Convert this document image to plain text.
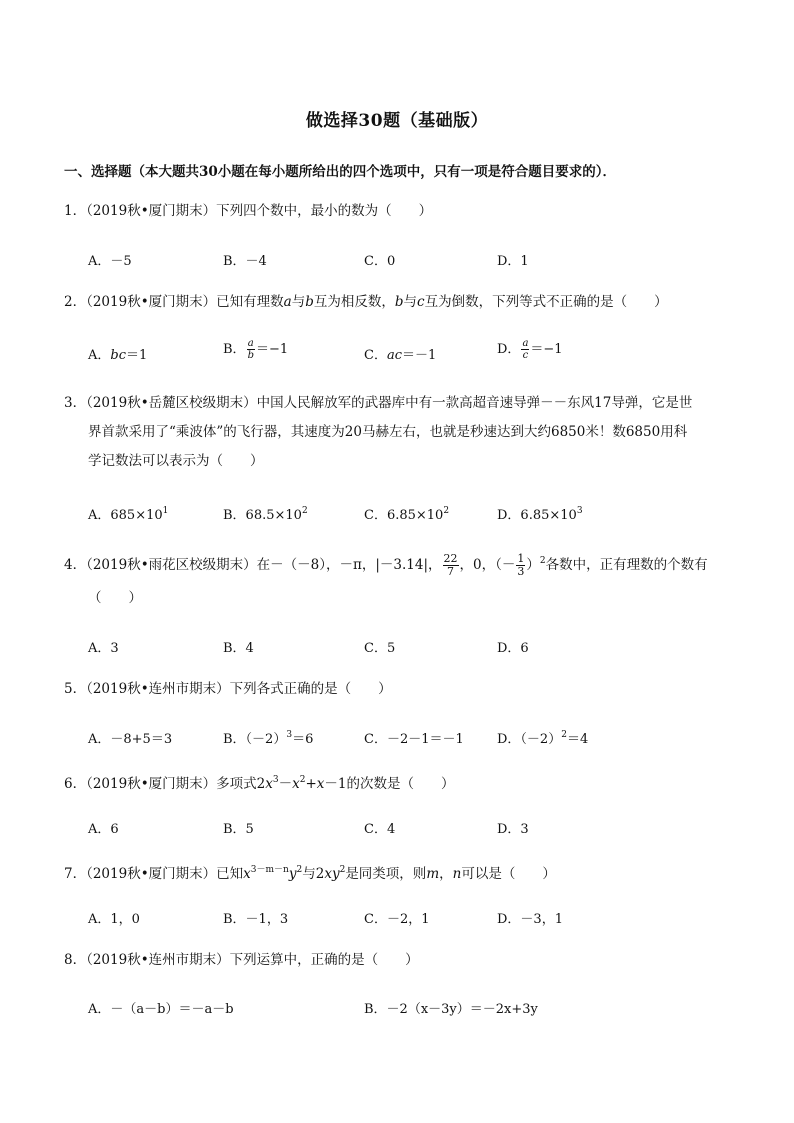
做选择30题（基础版）
一、选择题（本大题共30小题在每小题所给出的四个选项中，只有一项是符合题目要求的）．
1．（2019秋•厦门期末）下列四个数中，最小的数为（　　）
A．－5	B．－4	C．0	D．1
2．（2019秋•厦门期末）已知有理数a与b互为相反数，b与c互为倒数，下列等式不正确的是（　　）
A．bc＝1	B． $\frac{a}{b} =-1$	C．ac＝－1	D． $\frac{a}{c} =-1$
3．（2019秋•岳麓区校级期末）中国人民解放军的武器库中有一款高超音速导弹－－东风17导弹，它是世
界首款采用了“乘波体”的飞行器，其速度为20马赫左右，也就是秒速达到大约6850米！数6850用科
学记数法可以表示为（　　）
A．$685\times 10^1$	B．$68.5\times 10^2$	C．$6.85\times 10^2$	D．$6.85\times 10^3$
4．（2019秋•雨花区校级期末）在－（－8），－π，|－3.14|， $\frac{22}{7}$ ，0，（－ $\frac{1}{3} )^2$各数中，正有理数的个数有
（　　）
A．3	B．4	C．5	D．6
5．（2019秋•连州市期末）下列各式正确的是（　　）
A．－8+5＝3	B．$(-2)^3=6$	C．－2－1＝－1	D．$(-2)^2=4$
6．（2019秋•厦门期末）多项式$2x^3-x^2+x-1$的次数是（　　）
A．6	B．5	C．4	D．3
7．（2019秋•厦门期末）已知$x^{3-m-n}y^2$与$2xy^2$是同类项，则m，n可以是（　　）
A．1，0	B．－1，3	C．－2，1	D．－3，1
8．（2019秋•连州市期末）下列运算中，正确的是（　　）
A．－（a－b）＝－a－b	B．－2（x－3y）＝－2x+3y
